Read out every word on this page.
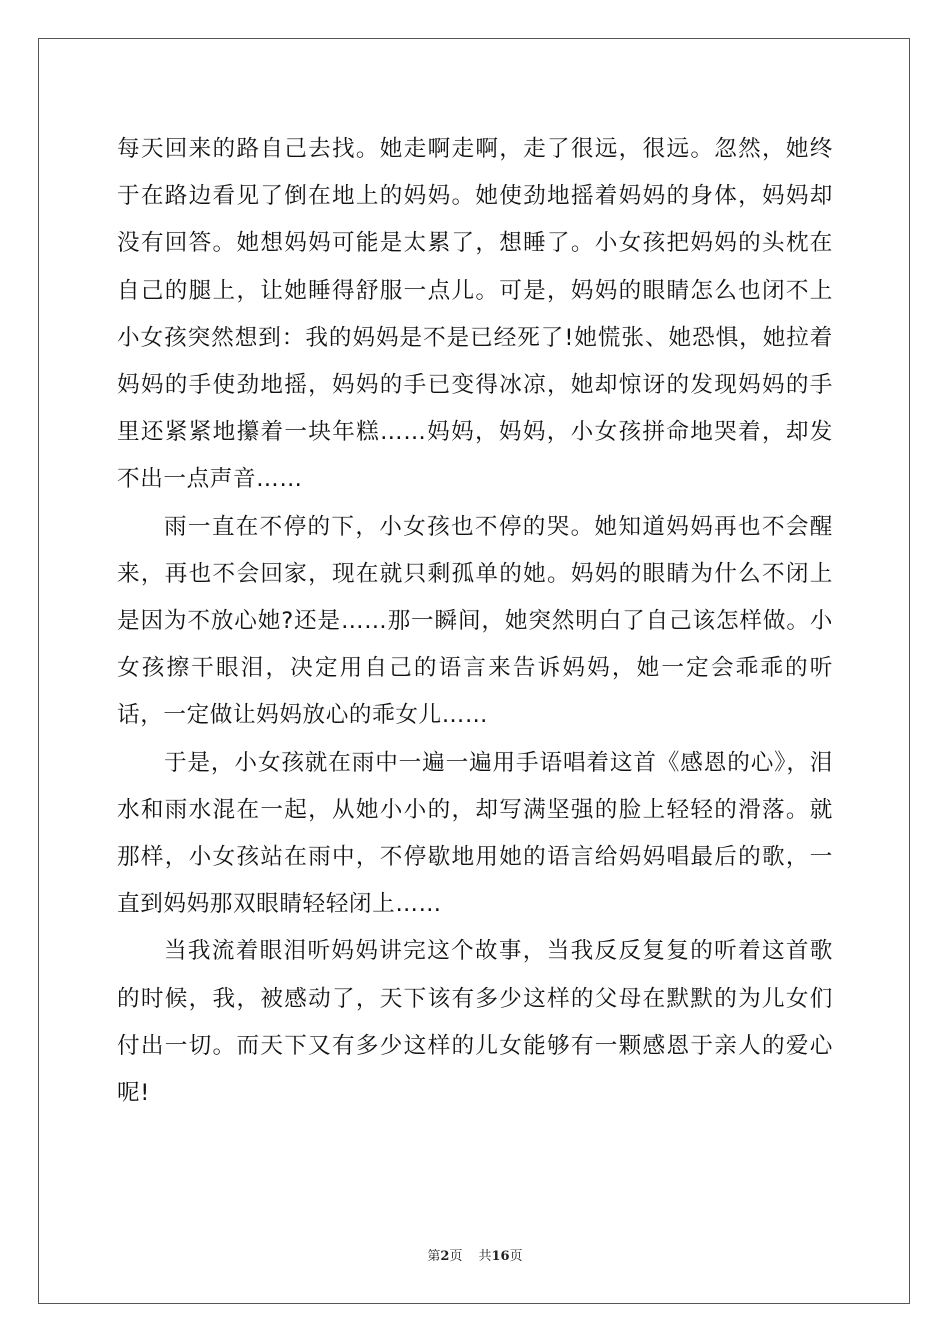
每天回来的路自己去找。她走啊走啊，走了很远，很远。忽然，她终于在路边看见了倒在地上的妈妈。她使劲地摇着妈妈的身体，妈妈却没有回答。她想妈妈可能是太累了，想睡了。小女孩把妈妈的头枕在自己的腿上，让她睡得舒服一点儿。可是，妈妈的眼睛怎么也闭不上小女孩突然想到：我的妈妈是不是已经死了!她慌张、她恐惧，她拉着妈妈的手使劲地摇，妈妈的手已变得冰凉，她却惊讶的发现妈妈的手里还紧紧地攥着一块年糕……妈妈，妈妈，小女孩拼命地哭着，却发不出一点声音……

雨一直在不停的下，小女孩也不停的哭。她知道妈妈再也不会醒来，再也不会回家，现在就只剩孤单的她。妈妈的眼睛为什么不闭上是因为不放心她?还是……那一瞬间，她突然明白了自己该怎样做。小女孩擦干眼泪，决定用自己的语言来告诉妈妈，她一定会乖乖的听话，一定做让妈妈放心的乖女儿……

于是，小女孩就在雨中一遍一遍用手语唱着这首《感恩的心》，泪水和雨水混在一起，从她小小的，却写满坚强的脸上轻轻的滑落。就那样，小女孩站在雨中，不停歇地用她的语言给妈妈唱最后的歌，一直到妈妈那双眼睛轻轻闭上……

当我流着眼泪听妈妈讲完这个故事，当我反反复复的听着这首歌的时候，我，被感动了，天下该有多少这样的父母在默默的为儿女们付出一切。而天下又有多少这样的儿女能够有一颗感恩于亲人的爱心呢!

第2页 共16页
